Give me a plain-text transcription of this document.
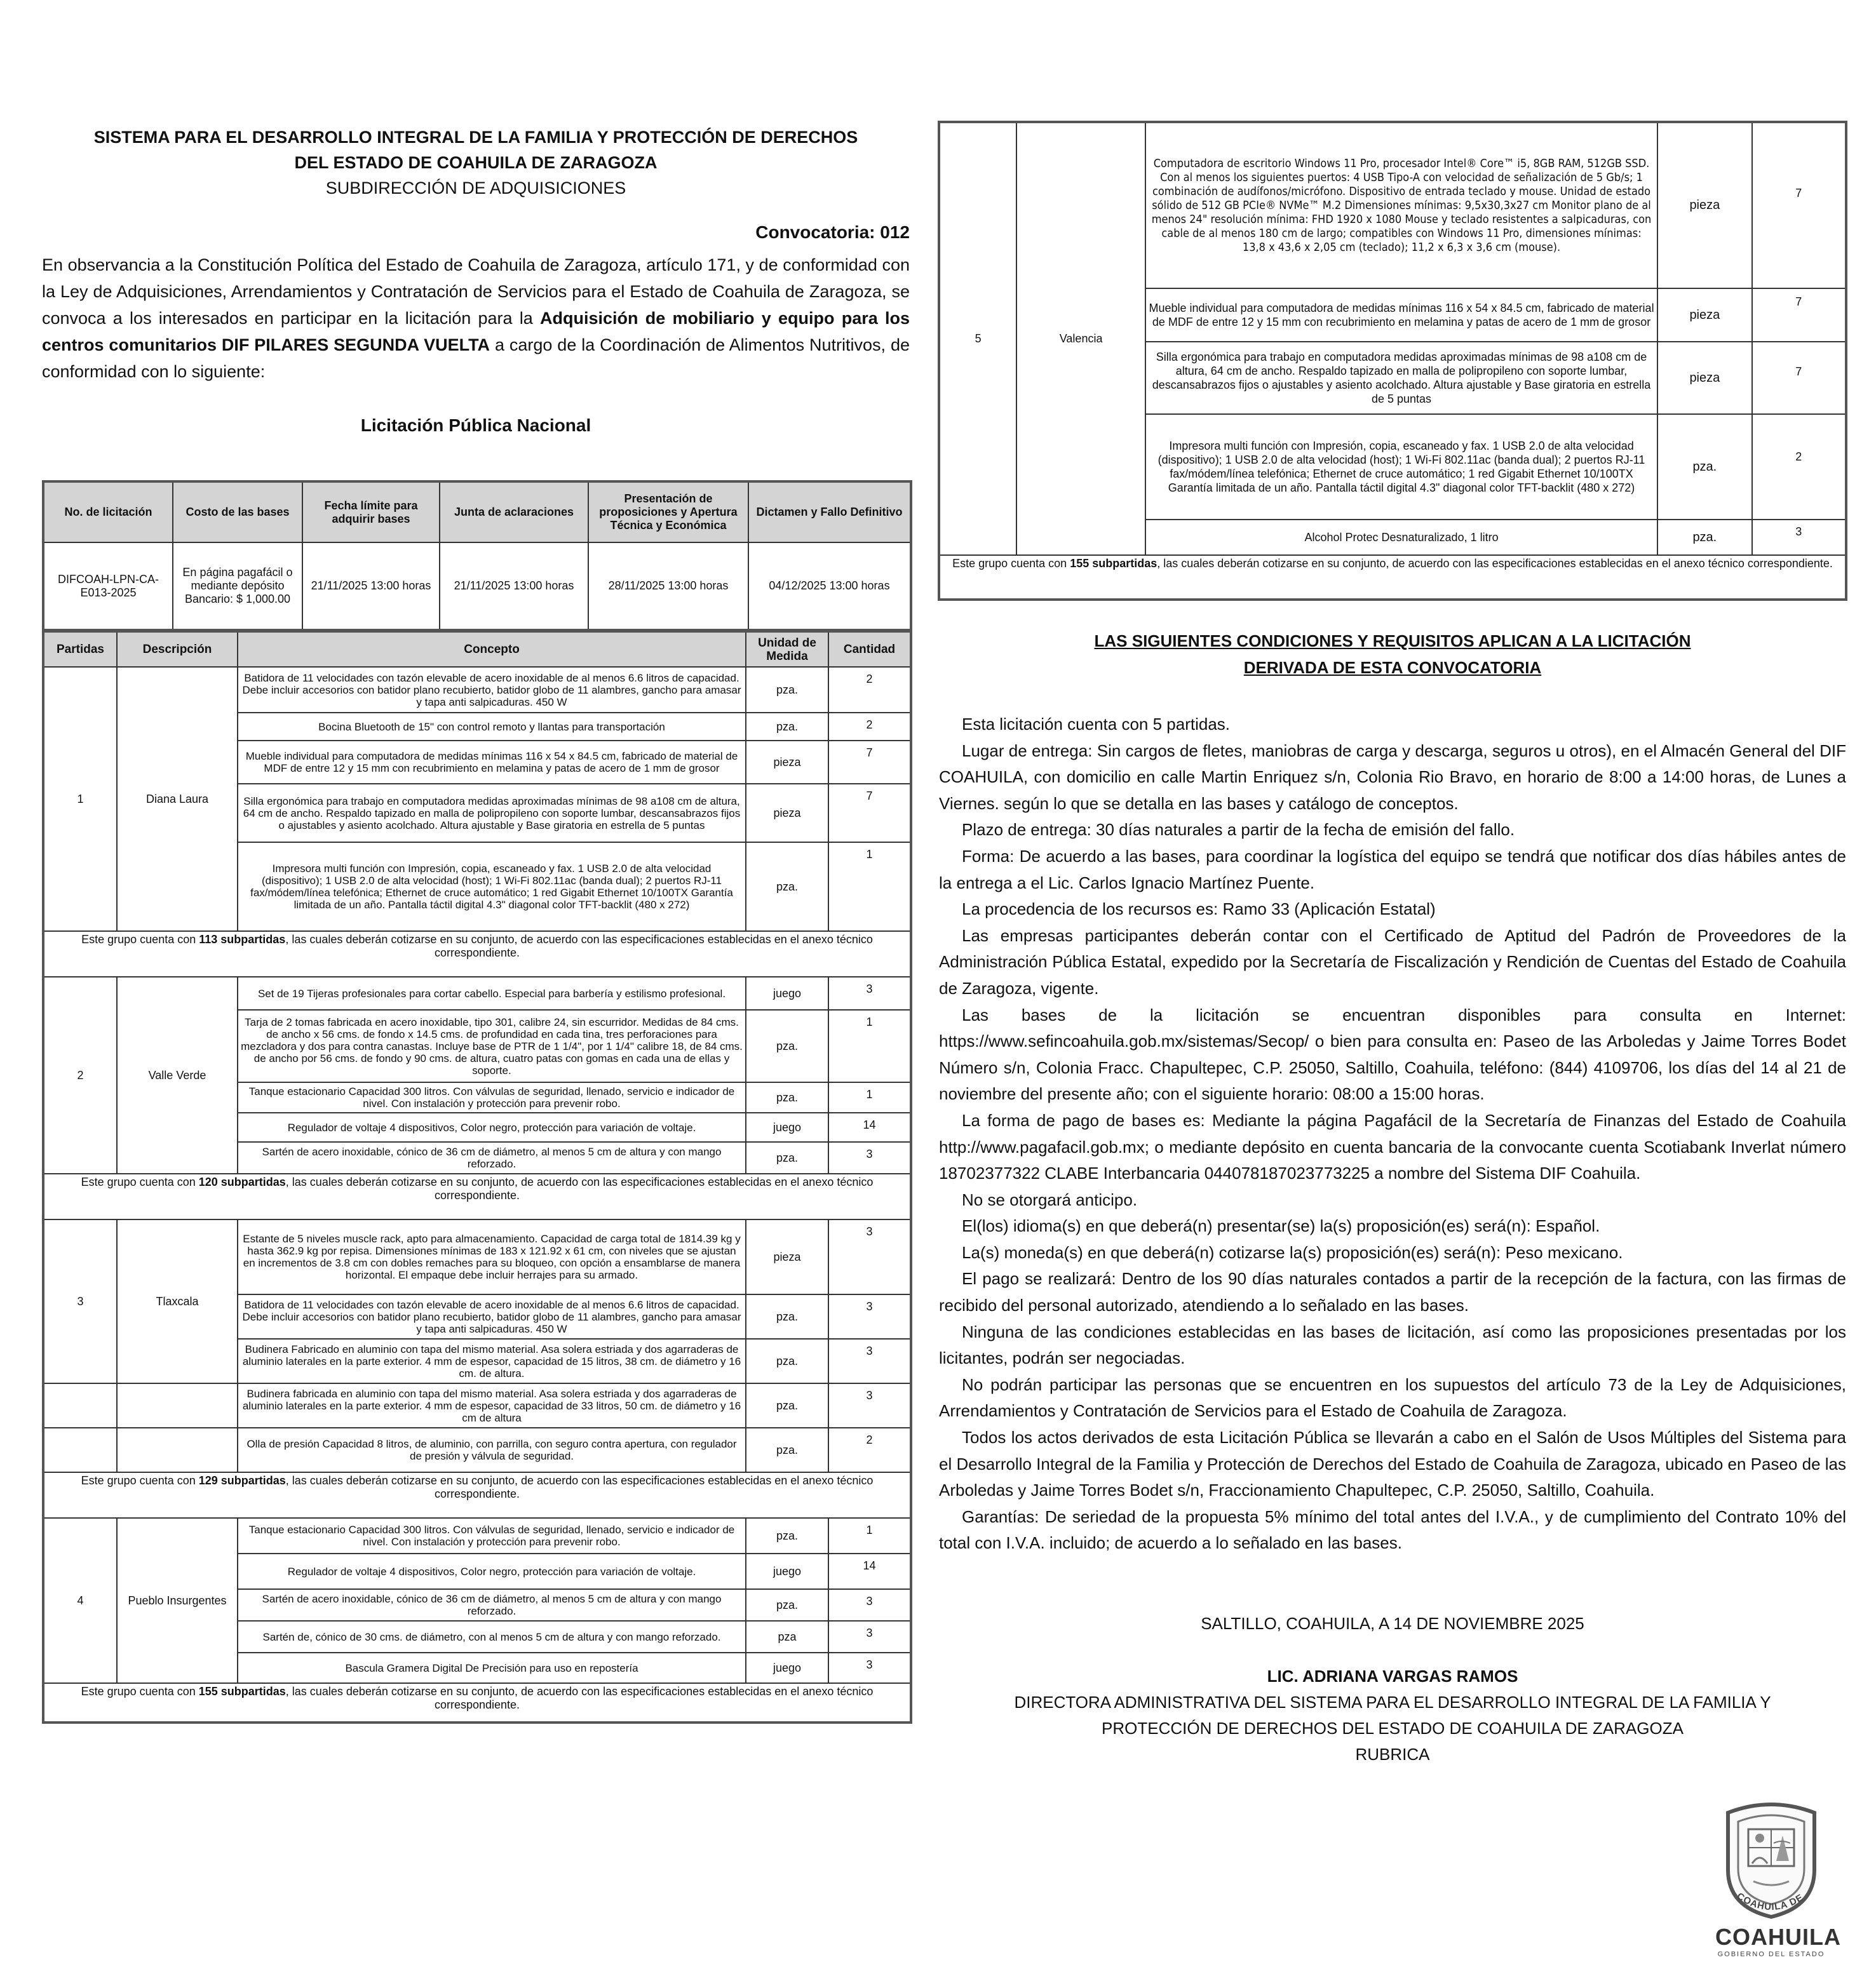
SISTEMA PARA EL DESARROLLO INTEGRAL DE LA FAMILIA Y PROTECCIÓN DE DERECHOS
DEL ESTADO DE COAHUILA DE ZARAGOZA
SUBDIRECCIÓN DE ADQUISICIONES
Convocatoria: 012
En observancia a la Constitución Política del Estado de Coahuila de Zaragoza, artículo 171, y de conformidad con la Ley de Adquisiciones, Arrendamientos y Contratación de Servicios para el Estado de Coahuila de Zaragoza, se convoca a los interesados en participar en la licitación para la Adquisición de mobiliario y equipo para los centros comunitarios DIF PILARES SEGUNDA VUELTA a cargo de la Coordinación de Alimentos Nutritivos, de conformidad con lo siguiente:
Licitación Pública Nacional
No. de licitación	Costo de las bases	Fecha límite para adquirir bases	Junta de aclaraciones	Presentación de proposiciones y Apertura Técnica y Económica	Dictamen y Fallo Definitivo
DIFCOAH-LPN-CA-E013-2025	En página pagafácil o mediante depósito Bancario: $ 1,000.00	21/11/2025 13:00 horas	21/11/2025 13:00 horas	28/11/2025 13:00 horas	04/12/2025 13:00 horas
Partidas	Descripción	Concepto	Unidad de Medida	Cantidad
1	Diana Laura	Batidora de 11 velocidades con tazón elevable de acero inoxidable de al menos 6.6 litros de capacidad. Debe incluir accesorios con batidor plano recubierto, batidor globo de 11 alambres, gancho para amasar y tapa anti salpicaduras. 450 W	pza.	2
		Bocina Bluetooth de 15" con control remoto y llantas para transportación	pza.	2
		Mueble individual para computadora de medidas mínimas 116 x 54 x 84.5 cm, fabricado de material de MDF de entre 12 y 15 mm con recubrimiento en melamina y patas de acero de 1 mm de grosor	pieza	7
		Silla ergonómica para trabajo en computadora medidas aproximadas mínimas de 98 a108 cm de altura, 64 cm de ancho. Respaldo tapizado en malla de polipropileno con soporte lumbar, descansabrazos fijos o ajustables y asiento acolchado. Altura ajustable y Base giratoria en estrella de 5 puntas	pieza	7
		Impresora multi función con Impresión, copia, escaneado y fax. 1 USB 2.0 de alta velocidad (dispositivo); 1 USB 2.0 de alta velocidad (host); 1 Wi-Fi 802.11ac (banda dual); 2 puertos RJ-11 fax/módem/línea telefónica; Ethernet de cruce automático; 1 red Gigabit Ethernet 10/100TX Garantía limitada de un año. Pantalla táctil digital 4.3" diagonal color TFT-backlit (480 x 272)	pza.	1
Este grupo cuenta con 113 subpartidas, las cuales deberán cotizarse en su conjunto, de acuerdo con las especificaciones establecidas en el anexo técnico correspondiente.				
2	Valle Verde	Set de 19 Tijeras profesionales para cortar cabello. Especial para barbería y estilismo profesional.	juego	3
		Tarja de 2 tomas fabricada en acero inoxidable, tipo 301, calibre 24, sin escurridor. Medidas de 84 cms. de ancho x 56 cms. de fondo x 14.5 cms. de profundidad en cada tina, tres perforaciones para mezcladora y dos para contra canastas. Incluye base de PTR de 1 1/4", por 1 1/4" calibre 18, de 84 cms. de ancho por 56 cms. de fondo y 90 cms. de altura, cuatro patas con gomas en cada una de ellas y soporte.	pza.	1
		Tanque estacionario Capacidad 300 litros. Con válvulas de seguridad, llenado, servicio e indicador de nivel. Con instalación y protección para prevenir robo.	pza.	1
		Regulador de voltaje 4 dispositivos, Color negro, protección para variación de voltaje.	juego	14
		Sartén de acero inoxidable, cónico de 36 cm de diámetro, al menos 5 cm de altura y con mango reforzado.	pza.	3
Este grupo cuenta con 120 subpartidas, las cuales deberán cotizarse en su conjunto, de acuerdo con las especificaciones establecidas en el anexo técnico correspondiente.				
3	Tlaxcala	Estante de 5 niveles muscle rack, apto para almacenamiento. Capacidad de carga total de 1814.39 kg y hasta 362.9 kg por repisa. Dimensiones mínimas de 183 x 121.92 x 61 cm, con niveles que se ajustan en incrementos de 3.8 cm con dobles remaches para su bloqueo, con opción a ensamblarse de manera horizontal. El empaque debe incluir herrajes para su armado.	pieza	3
		Batidora de 11 velocidades con tazón elevable de acero inoxidable de al menos 6.6 litros de capacidad. Debe incluir accesorios con batidor plano recubierto, batidor globo de 11 alambres, gancho para amasar y tapa anti salpicaduras. 450 W	pza.	3
		Budinera Fabricado en aluminio con tapa del mismo material. Asa solera estriada y dos agarraderas de aluminio laterales en la parte exterior. 4 mm de espesor, capacidad de 15 litros, 38 cm. de diámetro y 16 cm. de altura.	pza.	3
		Budinera fabricada en aluminio con tapa del mismo material. Asa solera estriada y dos agarraderas de aluminio laterales en la parte exterior. 4 mm de espesor, capacidad de 33 litros, 50 cm. de diámetro y 16 cm de altura	pza.	3
		Olla de presión Capacidad 8 litros, de aluminio, con parrilla, con seguro contra apertura, con regulador de presión y válvula de seguridad.	pza.	2
Este grupo cuenta con 129 subpartidas, las cuales deberán cotizarse en su conjunto, de acuerdo con las especificaciones establecidas en el anexo técnico correspondiente.				
4	Pueblo Insurgentes	Tanque estacionario Capacidad 300 litros. Con válvulas de seguridad, llenado, servicio e indicador de nivel. Con instalación y protección para prevenir robo.	pza.	1
		Regulador de voltaje 4 dispositivos, Color negro, protección para variación de voltaje.	juego	14
		Sartén de acero inoxidable, cónico de 36 cm de diámetro, al menos 5 cm de altura y con mango reforzado.	pza.	3
		Sartén de, cónico de 30 cms. de diámetro, con al menos 5 cm de altura y con mango reforzado.	pza	3
		Bascula Gramera Digital De Precisión para uso en repostería	juego	3
Este grupo cuenta con 155 subpartidas, las cuales deberán cotizarse en su conjunto, de acuerdo con las especificaciones establecidas en el anexo técnico correspondiente.				
5	Valencia	Computadora de escritorio Windows 11 Pro, procesador Intel® Core™ i5, 8GB RAM, 512GB SSD. Con al menos los siguientes puertos: 4 USB Tipo-A con velocidad de señalización de 5 Gb/s; 1 combinación de audífonos/micrófono. Dispositivo de entrada teclado y mouse. Unidad de estado sólido de 512 GB PCIe® NVMe™ M.2 Dimensiones mínimas: 9,5x30,3x27 cm Monitor plano de al menos 24" resolución mínima: FHD 1920 x 1080 Mouse y teclado resistentes a salpicaduras, con cable de al menos 180 cm de largo; compatibles con Windows 11 Pro, dimensiones mínimas: 13,8 x 43,6 x 2,05 cm (teclado); 11,2 x 6,3 x 3,6 cm (mouse).	pieza	7
		Mueble individual para computadora de medidas mínimas 116 x 54 x 84.5 cm, fabricado de material de MDF de entre 12 y 15 mm con recubrimiento en melamina y patas de acero de 1 mm de grosor	pieza	7
		Silla ergonómica para trabajo en computadora medidas aproximadas mínimas de 98 a108 cm de altura, 64 cm de ancho. Respaldo tapizado en malla de polipropileno con soporte lumbar, descansabrazos fijos o ajustables y asiento acolchado. Altura ajustable y Base giratoria en estrella de 5 puntas	pieza	7
		Impresora multi función con Impresión, copia, escaneado y fax. 1 USB 2.0 de alta velocidad (dispositivo); 1 USB 2.0 de alta velocidad (host); 1 Wi-Fi 802.11ac (banda dual); 2 puertos RJ-11 fax/módem/línea telefónica; Ethernet de cruce automático; 1 red Gigabit Ethernet 10/100TX Garantía limitada de un año. Pantalla táctil digital 4.3" diagonal color TFT-backlit (480 x 272)	pza.	2
		Alcohol Protec Desnaturalizado, 1 litro	pza.	3
Este grupo cuenta con 155 subpartidas, las cuales deberán cotizarse en su conjunto, de acuerdo con las especificaciones establecidas en el anexo técnico correspondiente.				
LAS SIGUIENTES CONDICIONES Y REQUISITOS APLICAN A LA LICITACIÓN
DERIVADA DE ESTA CONVOCATORIA

Esta licitación cuenta con 5 partidas.

Lugar de entrega: Sin cargos de fletes, maniobras de carga y descarga, seguros u otros), en el Almacén General del DIF COAHUILA, con domicilio en calle Martin Enriquez s/n, Colonia Rio Bravo, en horario de 8:00 a 14:00 horas, de Lunes a Viernes. según lo que se detalla en las bases y catálogo de conceptos.

Plazo de entrega: 30 días naturales a partir de la fecha de emisión del fallo.

Forma: De acuerdo a las bases, para coordinar la logística del equipo se tendrá que notificar dos días hábiles antes de la entrega a el Lic. Carlos Ignacio Martínez Puente.

La procedencia de los recursos es: Ramo 33 (Aplicación Estatal)

Las empresas participantes deberán contar con el Certificado de Aptitud del Padrón de Proveedores de la Administración Pública Estatal, expedido por la Secretaría de Fiscalización y Rendición de Cuentas del Estado de Coahuila de Zaragoza, vigente.

Las bases de la licitación se encuentran disponibles para consulta en Internet: https://www.sefincoahuila.gob.mx/sistemas/Secop/ o bien para consulta en: Paseo de las Arboledas y Jaime Torres Bodet Número s/n, Colonia Fracc. Chapultepec, C.P. 25050, Saltillo, Coahuila, teléfono: (844) 4109706, los días del 14 al 21 de noviembre del presente año; con el siguiente horario: 08:00 a 15:00 horas.

La forma de pago de bases es: Mediante la página Pagafácil de la Secretaría de Finanzas del Estado de Coahuila http://www.pagafacil.gob.mx; o mediante depósito en cuenta bancaria de la convocante cuenta Scotiabank Inverlat número 18702377322 CLABE Interbancaria 044078187023773225 a nombre del Sistema DIF Coahuila.

No se otorgará anticipo.

El(los) idioma(s) en que deberá(n) presentar(se) la(s) proposición(es) será(n): Español.

La(s) moneda(s) en que deberá(n) cotizarse la(s) proposición(es) será(n): Peso mexicano.

El pago se realizará: Dentro de los 90 días naturales contados a partir de la recepción de la factura, con las firmas de recibido del personal autorizado, atendiendo a lo señalado en las bases.

Ninguna de las condiciones establecidas en las bases de licitación, así como las proposiciones presentadas por los licitantes, podrán ser negociadas.

No podrán participar las personas que se encuentren en los supuestos del artículo 73 de la Ley de Adquisiciones, Arrendamientos y Contratación de Servicios para el Estado de Coahuila de Zaragoza.

Todos los actos derivados de esta Licitación Pública se llevarán a cabo en el Salón de Usos Múltiples del Sistema para el Desarrollo Integral de la Familia y Protección de Derechos del Estado de Coahuila de Zaragoza, ubicado en Paseo de las Arboledas y Jaime Torres Bodet s/n, Fraccionamiento Chapultepec, C.P. 25050, Saltillo, Coahuila.

Garantías: De seriedad de la propuesta 5% mínimo del total antes del I.V.A., y de cumplimiento del Contrato 10% del total con I.V.A. incluido; de acuerdo a lo señalado en las bases.

SALTILLO, COAHUILA, A 14 DE NOVIEMBRE 2025
LIC. ADRIANA VARGAS RAMOS
DIRECTORA ADMINISTRATIVA DEL SISTEMA PARA EL DESARROLLO INTEGRAL DE LA FAMILIA Y
PROTECCIÓN DE DERECHOS DEL ESTADO DE COAHUILA DE ZARAGOZA
RUBRICA
COAHUILA DE
COAHUILA
GOBIERNO DEL ESTADO
